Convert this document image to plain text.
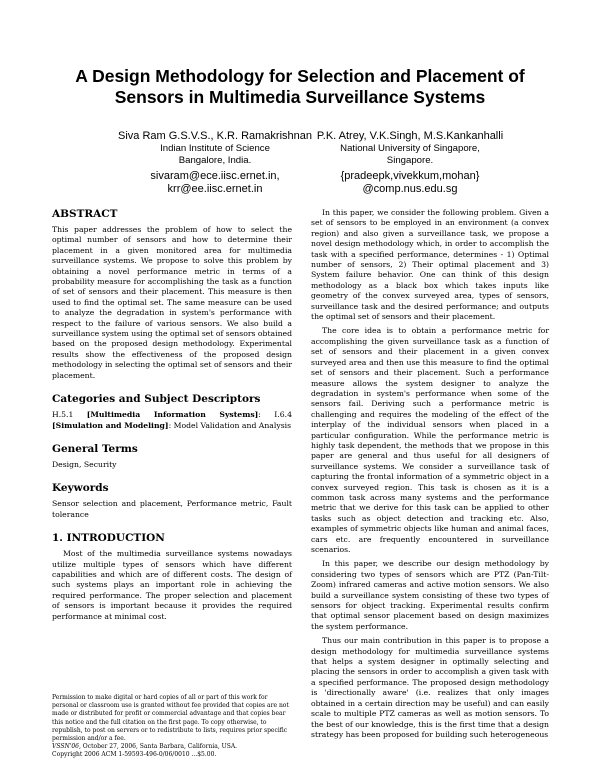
A Design Methodology for Selection and Placement of
Sensors in Multimedia Surveillance Systems
Siva Ram G.S.V.S., K.R. Ramakrishnan
Indian Institute of Science
Bangalore, India.
sivaram@ece.iisc.ernet.in,
krr@ee.iisc.ernet.in
P.K. Atrey, V.K.Singh, M.S.Kankanhalli
National University of Singapore,
Singapore.
{pradeepk,vivekkum,mohan}
@comp.nus.edu.sg
ABSTRACT

This paper addresses the problem of how to select the optimal number of sensors and how to determine their placement in a given monitored area for multimedia surveillance systems. We propose to solve this problem by obtaining a novel performance metric in terms of a probability measure for accomplishing the task as a function of set of sensors and their placement. This measure is then used to find the optimal set. The same measure can be used to analyze the degradation in system's performance with respect to the failure of various sensors. We also build a surveillance system using the optimal set of sensors obtained based on the proposed design methodology. Experimental results show the effectiveness of the proposed design methodology in selecting the optimal set of sensors and their placement.

Categories and Subject Descriptors

H.5.1 [Multimedia Information Systems]: I.6.4 [Simulation and Modeling]: Model Validation and Analysis

General Terms

Design, Security

Keywords

Sensor selection and placement, Performance metric, Fault tolerance

1. INTRODUCTION

Most of the multimedia surveillance systems nowadays utilize multiple types of sensors which have different capabilities and which are of different costs. The design of such systems plays an important role in achieving the required performance. The proper selection and placement of sensors is important because it provides the required performance at minimal cost.

Permission to make digital or hard copies of all or part of this work for personal or classroom use is granted without fee provided that copies are not made or distributed for profit or commercial advantage and that copies bear this notice and the full citation on the first page. To copy otherwise, to republish, to post on servers or to redistribute to lists, requires prior specific permission and/or a fee.

VSSN'06, October 27, 2006, Santa Barbara, California, USA.

Copyright 2006 ACM 1-59593-496-0/06/0010 ...$5.00.

In this paper, we consider the following problem. Given a set of sensors to be employed in an environment (a convex region) and also given a surveillance task, we propose a novel design methodology which, in order to accomplish the task with a specified performance, determines - 1) Optimal number of sensors, 2) Their optimal placement and 3) System failure behavior. One can think of this design methodology as a black box which takes inputs like geometry of the convex surveyed area, types of sensors, surveillance task and the desired performance; and outputs the optimal set of sensors and their placement.

The core idea is to obtain a performance metric for accomplishing the given surveillance task as a function of set of sensors and their placement in a given convex surveyed area and then use this measure to find the optimal set of sensors and their placement. Such a performance measure allows the system designer to analyze the degradation in system's performance when some of the sensors fail. Deriving such a performance metric is challenging and requires the modeling of the effect of the interplay of the individual sensors when placed in a particular configuration. While the performance metric is highly task dependent, the methods that we propose in this paper are general and thus useful for all designers of surveillance systems. We consider a surveillance task of capturing the frontal information of a symmetric object in a convex surveyed region. This task is chosen as it is a common task across many systems and the performance metric that we derive for this task can be applied to other tasks such as object detection and tracking etc. Also, examples of symmetric objects like human and animal faces, cars etc. are frequently encountered in surveillance scenarios.

In this paper, we describe our design methodology by considering two types of sensors which are PTZ (Pan-Tilt-Zoom) infrared cameras and active motion sensors. We also build a surveillance system consisting of these two types of sensors for object tracking. Experimental results confirm that optimal sensor placement based on design maximizes the system performance.

Thus our main contribution in this paper is to propose a design methodology for multimedia surveillance systems that helps a system designer in optimally selecting and placing the sensors in order to accomplish a given task with a specified performance. The proposed design methodology is 'directionally aware' (i.e. realizes that only images obtained in a certain direction may be useful) and can easily scale to multiple PTZ cameras as well as motion sensors. To the best of our knowledge, this is the first time that a design strategy has been proposed for building such heterogeneous
